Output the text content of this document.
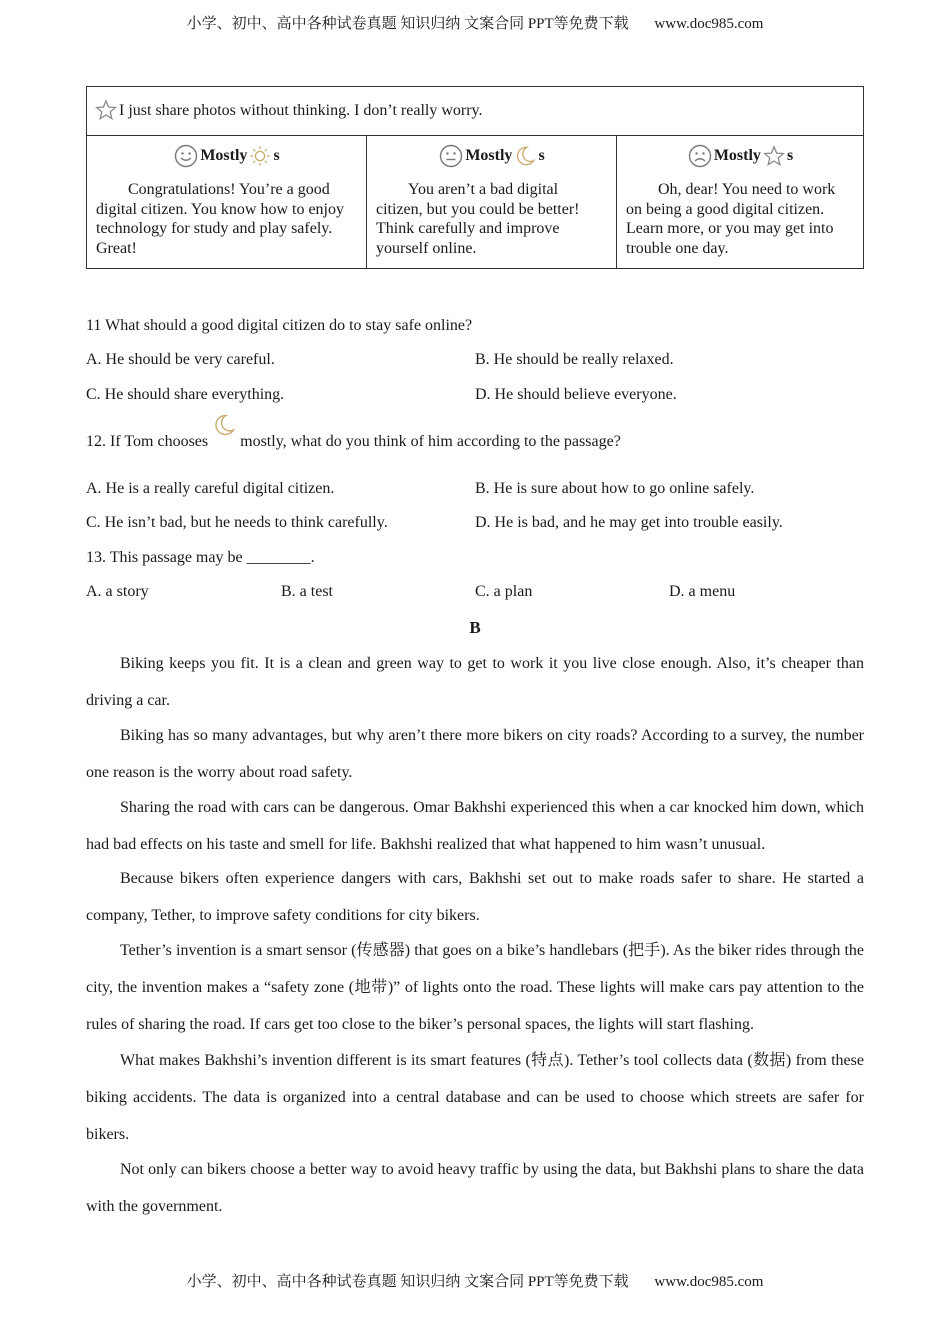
小学、初中、高中各种试卷真题 知识归纳 文案合同 PPT等免费下载 www.doc985.com
I just share photos without thinking. I don’t really worry.

Mostly s
Congratulations! You’re a good digital citizen. You know how to enjoy technology for study and play safely. Great!

Mostly s
You aren’t a bad digital citizen, but you could be better! Think carefully and improve yourself online.

Mostly s
Oh, dear! You need to work on being a good digital citizen. Learn more, or you may get into trouble one day.
11 What should a good digital citizen do to stay safe online?
A. He should be very careful.	B. He should be really relaxed.
C. He should share everything.	D. He should believe everyone.
12. If Tom chooses mostly, what do you think of him according to the passage?
A. He is a really careful digital citizen.	B. He is sure about how to go online safely.
C. He isn’t bad, but he needs to think carefully.	D. He is bad, and he may get into trouble easily.
13. This passage may be ________.
A. a story	B. a test	C. a plan	D. a menu
B
Biking keeps you fit. It is a clean and green way to get to work it you live close enough. Also, it’s cheaper than driving a car.
Biking has so many advantages, but why aren’t there more bikers on city roads? According to a survey, the number one reason is the worry about road safety.
Sharing the road with cars can be dangerous. Omar Bakhshi experienced this when a car knocked him down, which had bad effects on his taste and smell for life. Bakhshi realized that what happened to him wasn’t unusual.
Because bikers often experience dangers with cars, Bakhshi set out to make roads safer to share. He started a company, Tether, to improve safety conditions for city bikers.
Tether’s invention is a smart sensor (传感器) that goes on a bike’s handlebars (把手). As the biker rides through the city, the invention makes a “safety zone (地带)” of lights onto the road. These lights will make cars pay attention to the rules of sharing the road. If cars get too close to the biker’s personal spaces, the lights will start flashing.
What makes Bakhshi’s invention different is its smart features (特点). Tether’s tool collects data (数据) from these biking accidents. The data is organized into a central database and can be used to choose which streets are safer for bikers.
Not only can bikers choose a better way to avoid heavy traffic by using the data, but Bakhshi plans to share the data with the government.
小学、初中、高中各种试卷真题 知识归纳 文案合同 PPT等免费下载 www.doc985.com
